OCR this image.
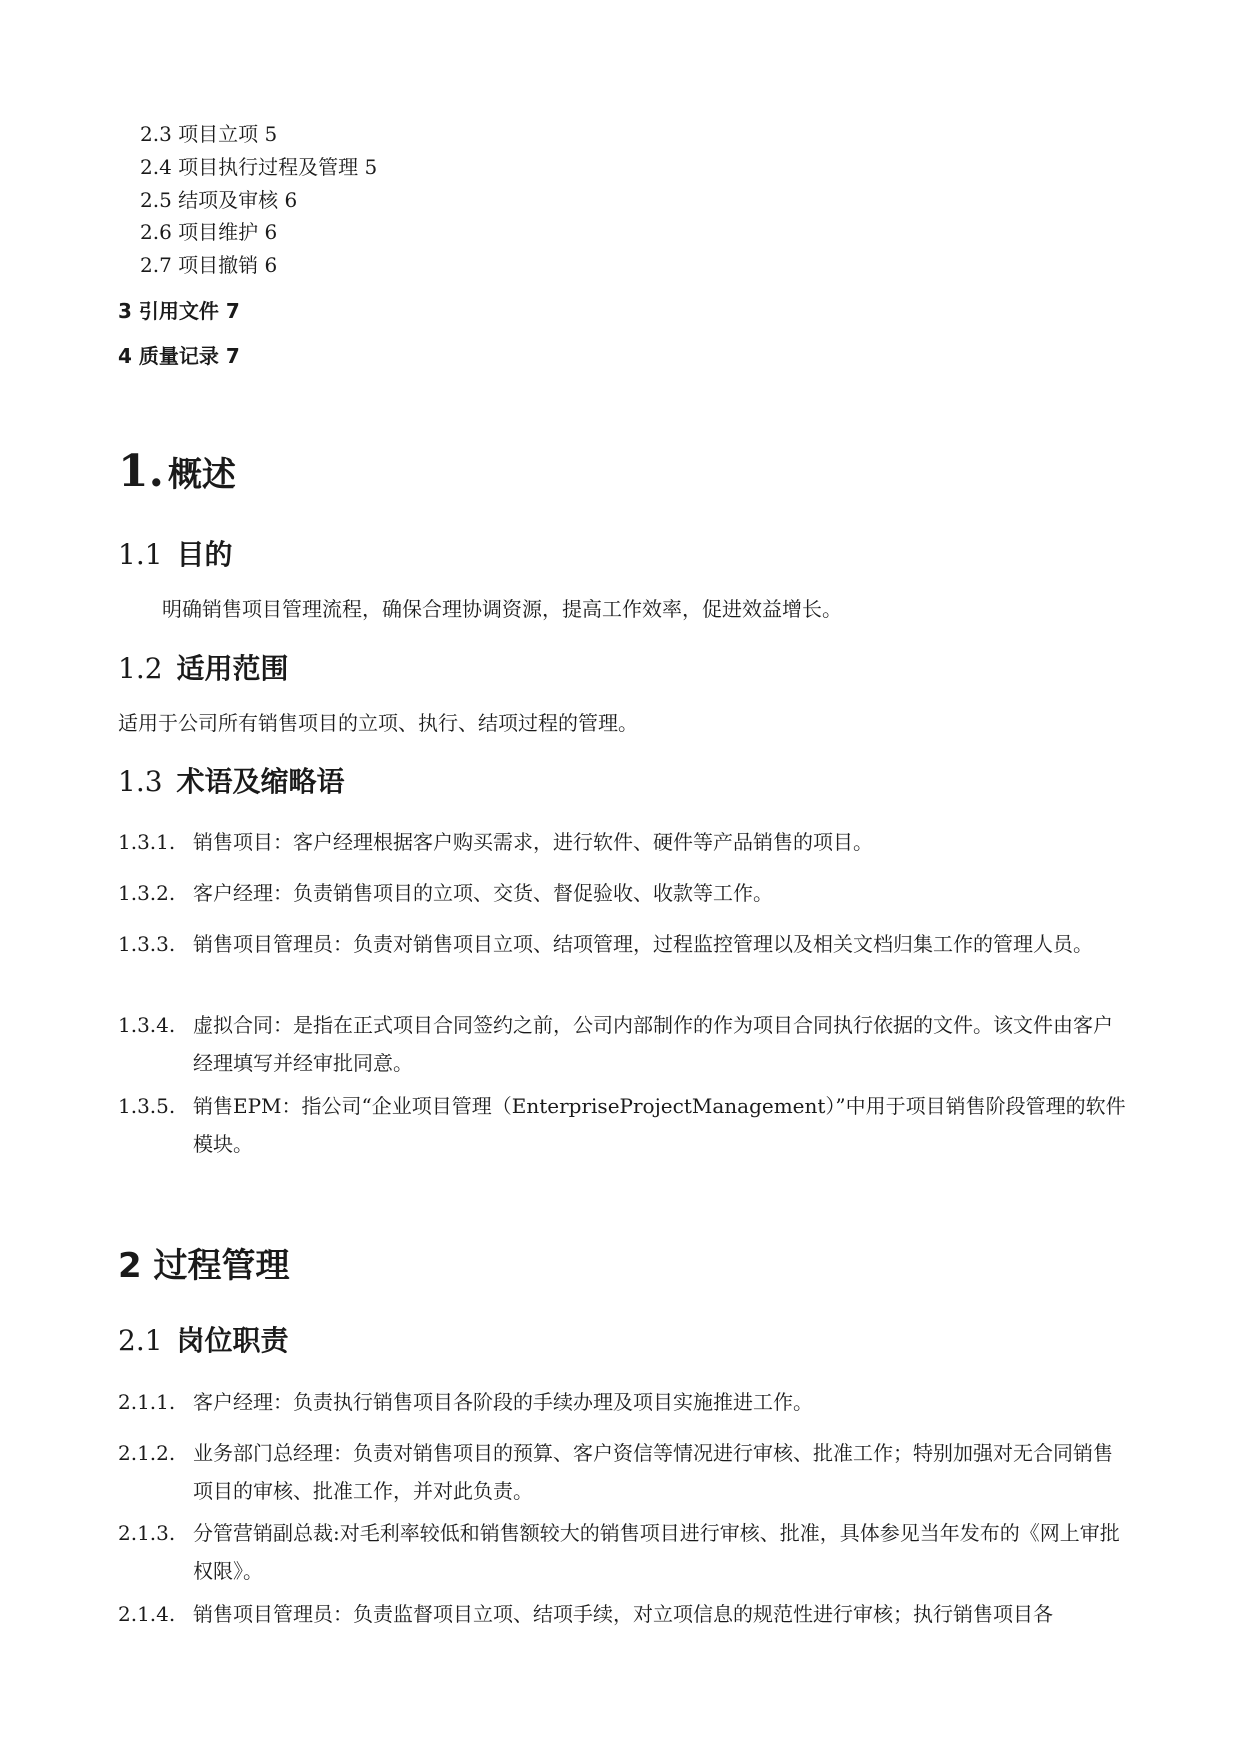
2.3 项目立项 5
2.4 项目执行过程及管理 5
2.5 结项及审核 6
2.6 项目维护 6
2.7 项目撤销 6
3 引用文件 7
4 质量记录 7
1. 概述
1.1 目的
明确销售项目管理流程，确保合理协调资源，提高工作效率，促进效益增长。
1.2 适用范围
适用于公司所有销售项目的立项、执行、结项过程的管理。
1.3 术语及缩略语
1.3.1. 销售项目：客户经理根据客户购买需求，进行软件、硬件等产品销售的项目。
1.3.2. 客户经理：负责销售项目的立项、交货、督促验收、收款等工作。
1.3.3. 销售项目管理员：负责对销售项目立项、结项管理，过程监控管理以及相关文档归集工作的管理人员。
1.3.4. 虚拟合同：是指在正式项目合同签约之前，公司内部制作的作为项目合同执行依据的文件。该文件由客户经理填写并经审批同意。
1.3.5. 销售EPM：指公司“企业项目管理（EnterpriseProjectManagement）”中用于项目销售阶段管理的软件模块。
2 过程管理
2.1 岗位职责
2.1.1. 客户经理：负责执行销售项目各阶段的手续办理及项目实施推进工作。
2.1.2. 业务部门总经理：负责对销售项目的预算、客户资信等情况进行审核、批准工作；特别加强对无合同销售项目的审核、批准工作，并对此负责。
2.1.3. 分管营销副总裁:对毛利率较低和销售额较大的销售项目进行审核、批准，具体参见当年发布的《网上审批权限》。
2.1.4. 销售项目管理员：负责监督项目立项、结项手续，对立项信息的规范性进行审核；执行销售项目各
